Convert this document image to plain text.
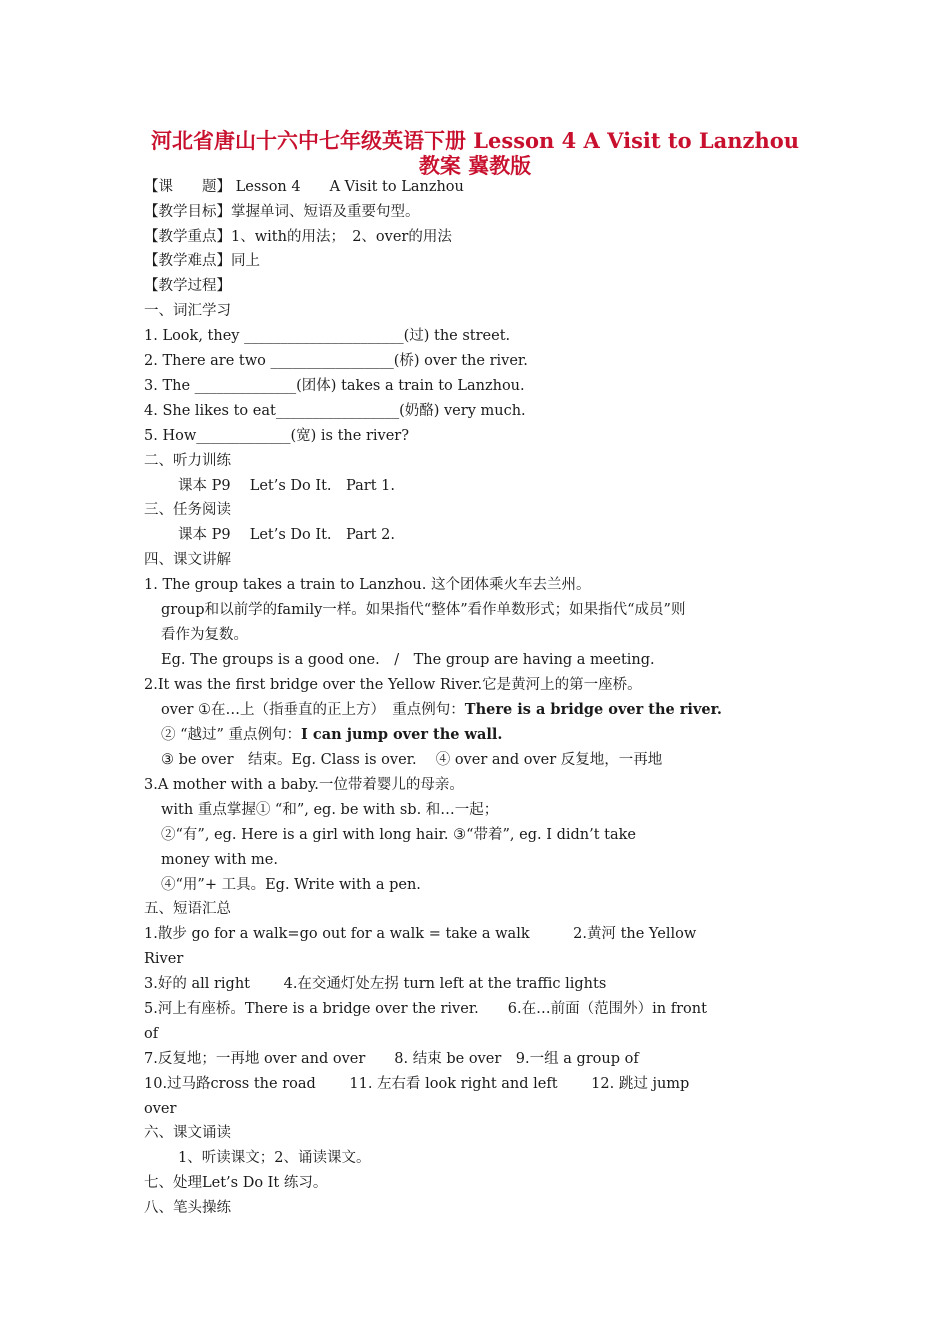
河北省唐山十六中七年级英语下册 Lesson 4 A Visit to Lanzhou
教案 冀教版
【课　　题】 Lesson 4　　A Visit to Lanzhou
【教学目标】掌握单词、短语及重要句型。
【教学重点】1、with的用法；　2、over的用法
【教学难点】同上
【教学过程】
一、词汇学习
1. Look, they ______________________(过) the street.
2. There are two _________________(桥) over the river.
3. The ______________(团体) takes a train to Lanzhou.
4. She likes to eat_________________(奶酪) very much.
5. How_____________(宽) is the river?
二、听力训练
课本 P9　 Let’s Do It.　Part 1.
三、任务阅读
课本 P9　 Let’s Do It.　Part 2.
四、课文讲解
1. The group takes a train to Lanzhou. 这个团体乘火车去兰州。
group和以前学的family一样。如果指代“整体”看作单数形式；如果指代“成员”则
看作为复数。
Eg. The groups is a good one.　/　The group are having a meeting.
2.It was the first bridge over the Yellow River.它是黄河上的第一座桥。
over ①在…上（指垂直的正上方）　重点例句：There is a bridge over the river.
② “越过” 重点例句：I can jump over the wall.
③ be over　结束。Eg. Class is over.　 ④ over and over 反复地，一再地
3.A mother with a baby.一位带着婴儿的母亲。
with 重点掌握① “和”, eg. be with sb. 和…一起；
②“有”, eg. Here is a girl with long hair. ③“带着”, eg. I didn’t take
money with me.
④“用”+ 工具。Eg. Write with a pen.
五、短语汇总
1.散步 go for a walk=go out for a walk = take a walk　　　2.黄河 the Yellow
River
3.好的 all right　　 4.在交通灯处左拐 turn left at the traffic lights
5.河上有座桥。There is a bridge over the river.　　6.在…前面（范围外）in front
of
7.反复地；一再地 over and over　　8. 结束 be over　9.一组 a group of
10.过马路cross the road　　 11. 左右看 look right and left　　 12. 跳过 jump
over
六、课文诵读
1、听读课文；2、诵读课文。
七、处理Let’s Do It 练习。
八、笔头操练
